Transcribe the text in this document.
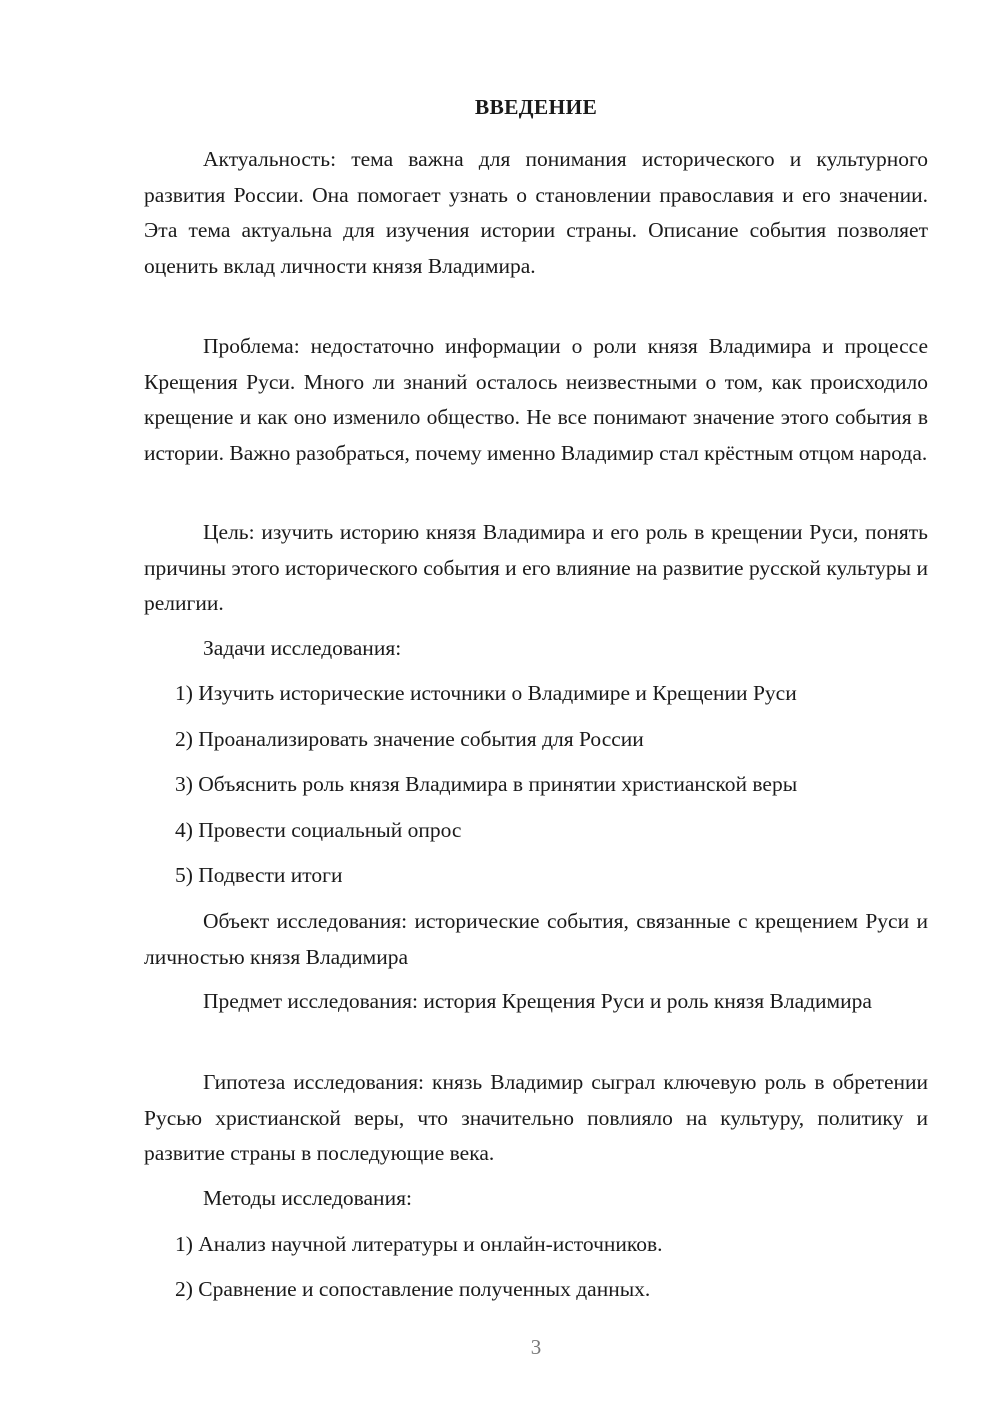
ВВЕДЕНИЕ

Актуальность: тема важна для понимания исторического и культурного развития России. Она помогает узнать о становлении православия и его значении. Эта тема актуальна для изучения истории страны. Описание события позволяет оценить вклад личности князя Владимира.

Проблема: недостаточно информации о роли князя Владимира и процессе Крещения Руси. Много ли знаний осталось неизвестными о том, как происходило крещение и как оно изменило общество. Не все понимают значение этого события в истории. Важно разобраться, почему именно Владимир стал крёстным отцом народа.

Цель: изучить историю князя Владимира и его роль в крещении Руси, понять причины этого исторического события и его влияние на развитие русской культуры и религии.

Задачи исследования:

1) Изучить исторические источники о Владимире и Крещении Руси

2) Проанализировать значение события для России

3) Объяснить роль князя Владимира в принятии христианской веры

4) Провести социальный опрос

5) Подвести итоги

Объект исследования: исторические события, связанные с крещением Руси и личностью князя Владимира

Предмет исследования: история Крещения Руси и роль князя Владимира

Гипотеза исследования: князь Владимир сыграл ключевую роль в обретении Русью христианской веры, что значительно повлияло на культуру, политику и развитие страны в последующие века.

Методы исследования:

1) Анализ научной литературы и онлайн-источников.

2) Сравнение и сопоставление полученных данных.

3
